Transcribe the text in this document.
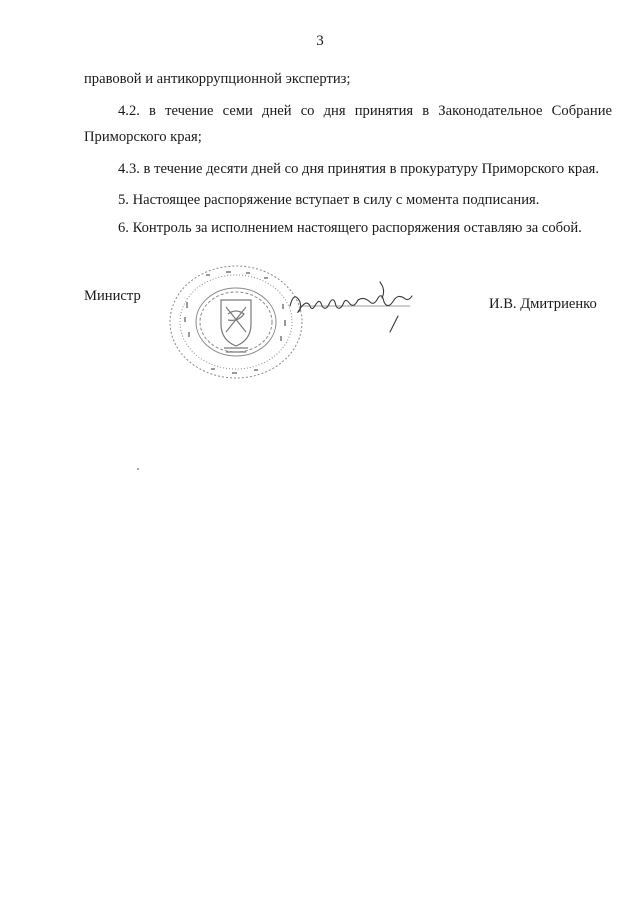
3

правовой и антикоррупционной экспертиз;

4.2. в течение семи дней со дня принятия в Законодательное Собрание Приморского края;

4.3. в течение десяти дней со дня принятия в прокуратуру Приморского края.

5. Настоящее распоряжение вступает в силу с момента подписания.

6. Контроль за исполнением настоящего распоряжения оставляю за собой.

Министр	И.В. Дмитриенко
